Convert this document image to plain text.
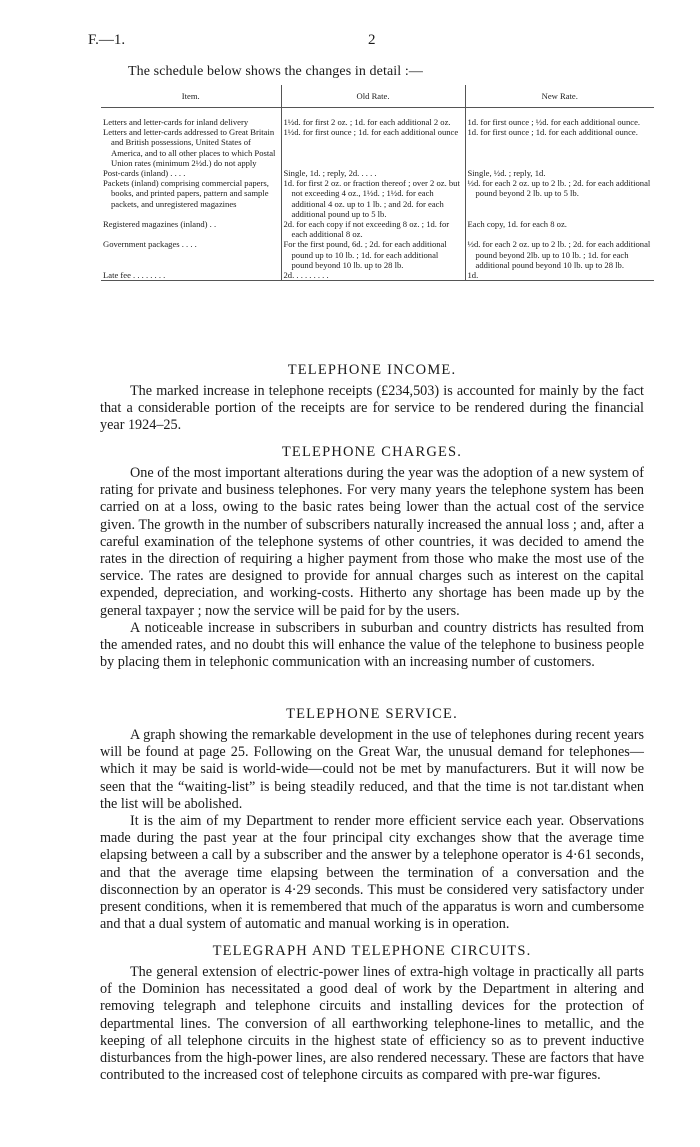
F.—1.	2
The schedule below shows the changes in detail :—
Item.	Old Rate.	New Rate.

Letters and letter-cards for inland delivery	1½d. for first 2 oz. ; 1d. for each additional 2 oz.	1d. for first ounce ; ½d. for each additional ounce.
Letters and letter-cards addressed to Great Britain and British possessions, United States of America, and to all other places to which Postal Union rates (minimum 2½d.) do not apply	1½d. for first ounce ; 1d. for each additional ounce	1d. for first ounce ; 1d. for each additional ounce.
Post-cards (inland) . . . .	Single, 1d. ; reply, 2d. . . . .	Single, ½d. ; reply, 1d.
Packets (inland) comprising commercial papers, books, and printed papers, pattern and sample packets, and unregistered magazines	1d. for first 2 oz. or fraction thereof ; over 2 oz. but not exceeding 4 oz., 1½d. ; 1½d. for each additional 4 oz. up to 1 lb. ; and 2d. for each additional pound up to 5 lb.	½d. for each 2 oz. up to 2 lb. ; 2d. for each additional pound beyond 2 lb. up to 5 lb.
Registered magazines (inland) . .	2d. for each copy if not exceeding 8 oz. ; 1d. for each additional 8 oz.	Each copy, 1d. for each 8 oz.
Government packages . . . .	For the first pound, 6d. ; 2d. for each additional pound up to 10 lb. ; 1d. for each additional pound beyond 10 lb. up to 28 lb.	½d. for each 2 oz. up to 2 lb. ; 2d. for each additional pound beyond 2lb. up to 10 lb. ; 1d. for each additional pound beyond 10 lb. up to 28 lb.
Late fee . . . . . . . .	2d. . . . . . . . .	1d.
TELEPHONE INCOME.

The marked increase in telephone receipts (£234,503) is accounted for mainly by the fact that a considerable portion of the receipts are for service to be rendered during the financial year 1924–25.

TELEPHONE CHARGES.

One of the most important alterations during the year was the adoption of a new system of rating for private and business telephones. For very many years the telephone system has been carried on at a loss, owing to the basic rates being lower than the actual cost of the service given. The growth in the number of subscribers naturally increased the annual loss ; and, after a careful examination of the telephone systems of other countries, it was decided to amend the rates in the direction of requiring a higher payment from those who make the most use of the service. The rates are designed to provide for annual charges such as interest on the capital expended, depreciation, and working-costs. Hitherto any shortage has been made up by the general taxpayer ; now the service will be paid for by the users.

A noticeable increase in subscribers in suburban and country districts has resulted from the amended rates, and no doubt this will enhance the value of the telephone to business people by placing them in telephonic communication with an increasing number of customers.

TELEPHONE SERVICE.

A graph showing the remarkable development in the use of telephones during recent years will be found at page 25. Following on the Great War, the unusual demand for telephones—which it may be said is world-wide—could not be met by manufacturers. But it will now be seen that the “waiting-list” is being steadily reduced, and that the time is not tar.distant when the list will be abolished.

It is the aim of my Department to render more efficient service each year. Observations made during the past year at the four principal city exchanges show that the average time elapsing between a call by a subscriber and the answer by a telephone operator is 4·61 seconds, and that the average time elapsing between the termination of a conversation and the disconnection by an operator is 4·29 seconds. This must be considered very satisfactory under present conditions, when it is remembered that much of the apparatus is worn and cumbersome and that a dual system of automatic and manual working is in operation.

TELEGRAPH AND TELEPHONE CIRCUITS.

The general extension of electric-power lines of extra-high voltage in practically all parts of the Dominion has necessitated a good deal of work by the Department in altering and removing telegraph and telephone circuits and installing devices for the protection of departmental lines. The conversion of all earthworking telephone-lines to metallic, and the keeping of all telephone circuits in the highest state of efficiency so as to prevent inductive disturbances from the high-power lines, are also rendered necessary. These are factors that have contributed to the increased cost of telephone circuits as compared with pre-war figures.
